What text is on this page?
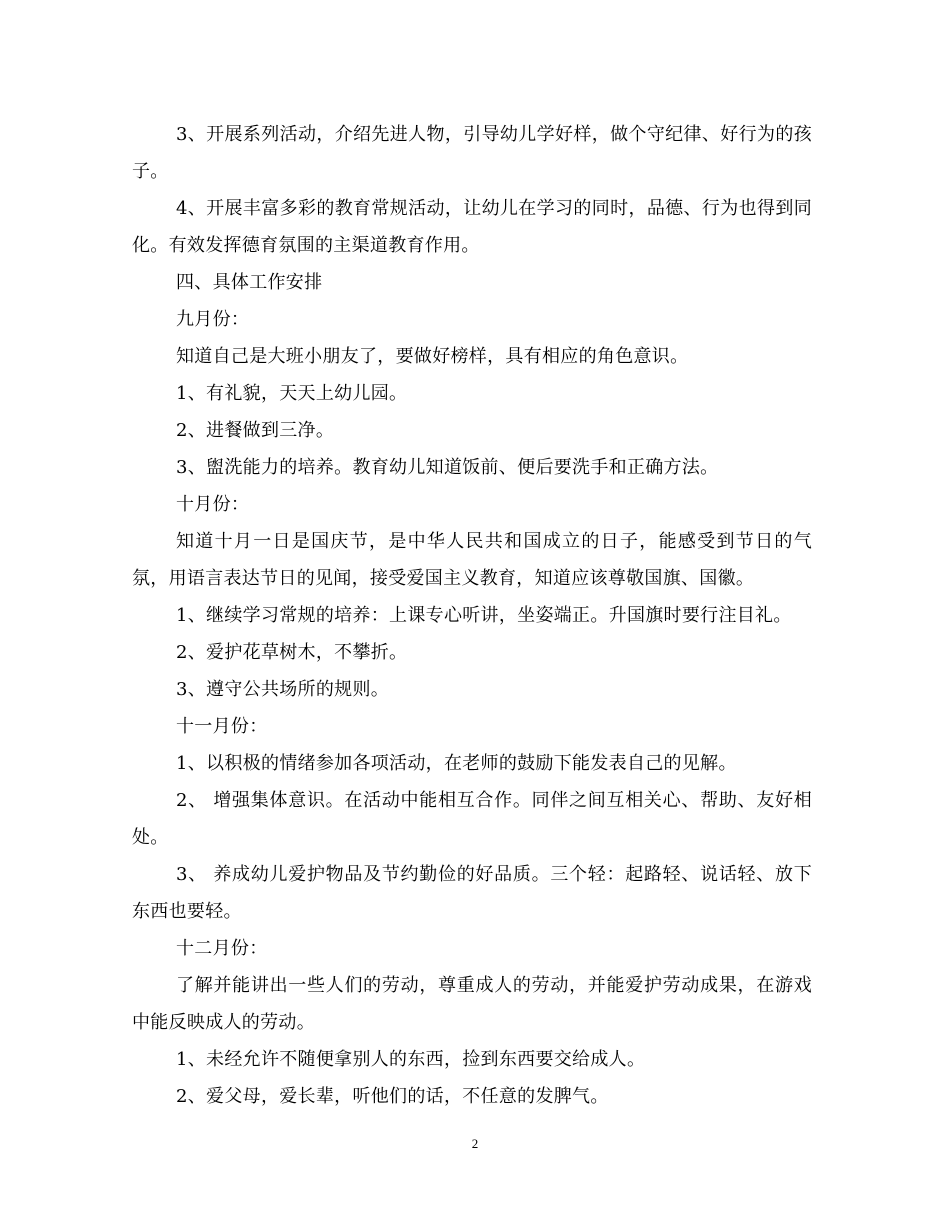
3、开展系列活动，介绍先进人物，引导幼儿学好样，做个守纪律、好行为的孩子。

4、开展丰富多彩的教育常规活动，让幼儿在学习的同时，品德、行为也得到同化。有效发挥德育氛围的主渠道教育作用。

四、具体工作安排

九月份：

知道自己是大班小朋友了，要做好榜样，具有相应的角色意识。

1、有礼貌，天天上幼儿园。

2、进餐做到三净。

3、盥洗能力的培养。教育幼儿知道饭前、便后要洗手和正确方法。

十月份：

知道十月一日是国庆节，是中华人民共和国成立的日子，能感受到节日的气氛，用语言表达节日的见闻，接受爱国主义教育，知道应该尊敬国旗、国徽。

1、继续学习常规的培养：上课专心听讲，坐姿端正。升国旗时要行注目礼。

2、爱护花草树木，不攀折。

3、遵守公共场所的规则。

十一月份：

1、以积极的情绪参加各项活动，在老师的鼓励下能发表自己的见解。

2、 增强集体意识。在活动中能相互合作。同伴之间互相关心、帮助、友好相处。

3、 养成幼儿爱护物品及节约勤俭的好品质。三个轻：起路轻、说话轻、放下东西也要轻。

十二月份：

了解并能讲出一些人们的劳动，尊重成人的劳动，并能爱护劳动成果，在游戏中能反映成人的劳动。

1、未经允许不随便拿别人的东西，捡到东西要交给成人。

2、爱父母，爱长辈，听他们的话，不任意的发脾气。

2
